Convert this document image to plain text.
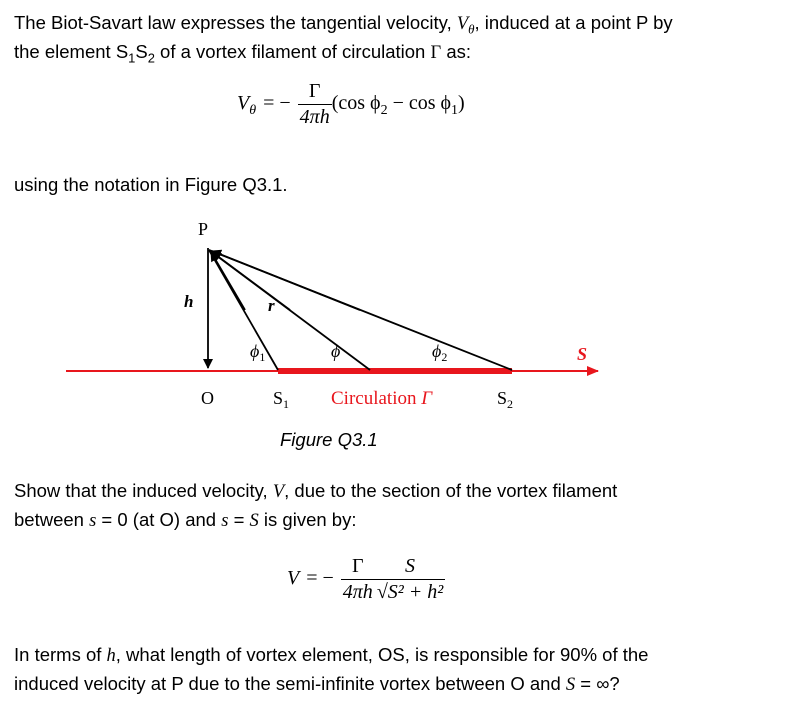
The Biot-Savart law expresses the tangential velocity, $V_\theta$, induced at a point P by
the element $S_1S_2$ of a vortex filament of circulation Γ as:
$V_\theta$ = − $\frac{\Gamma}{4\pi h} (\cos$ $\phi_2 - \cos \phi_1$)
using the notation in Figure Q3.1.
P
h	r
$\phi_1$	ϕ	$\phi_2$	S
O	$S_1$ Circulation Γ	$S_2$
Figure Q3.1
Show that the induced velocity, V, due to the section of the vortex filament
between s = 0 (at O) and s = S is given by:
V = − $\frac{\Gamma}{4\pi h} \frac{S}{\text{√S² + h²}}$
In terms of h, what length of vortex element, OS, is responsible for 90% of the
induced velocity at P due to the semi-infinite vortex between O and S = ∞?
